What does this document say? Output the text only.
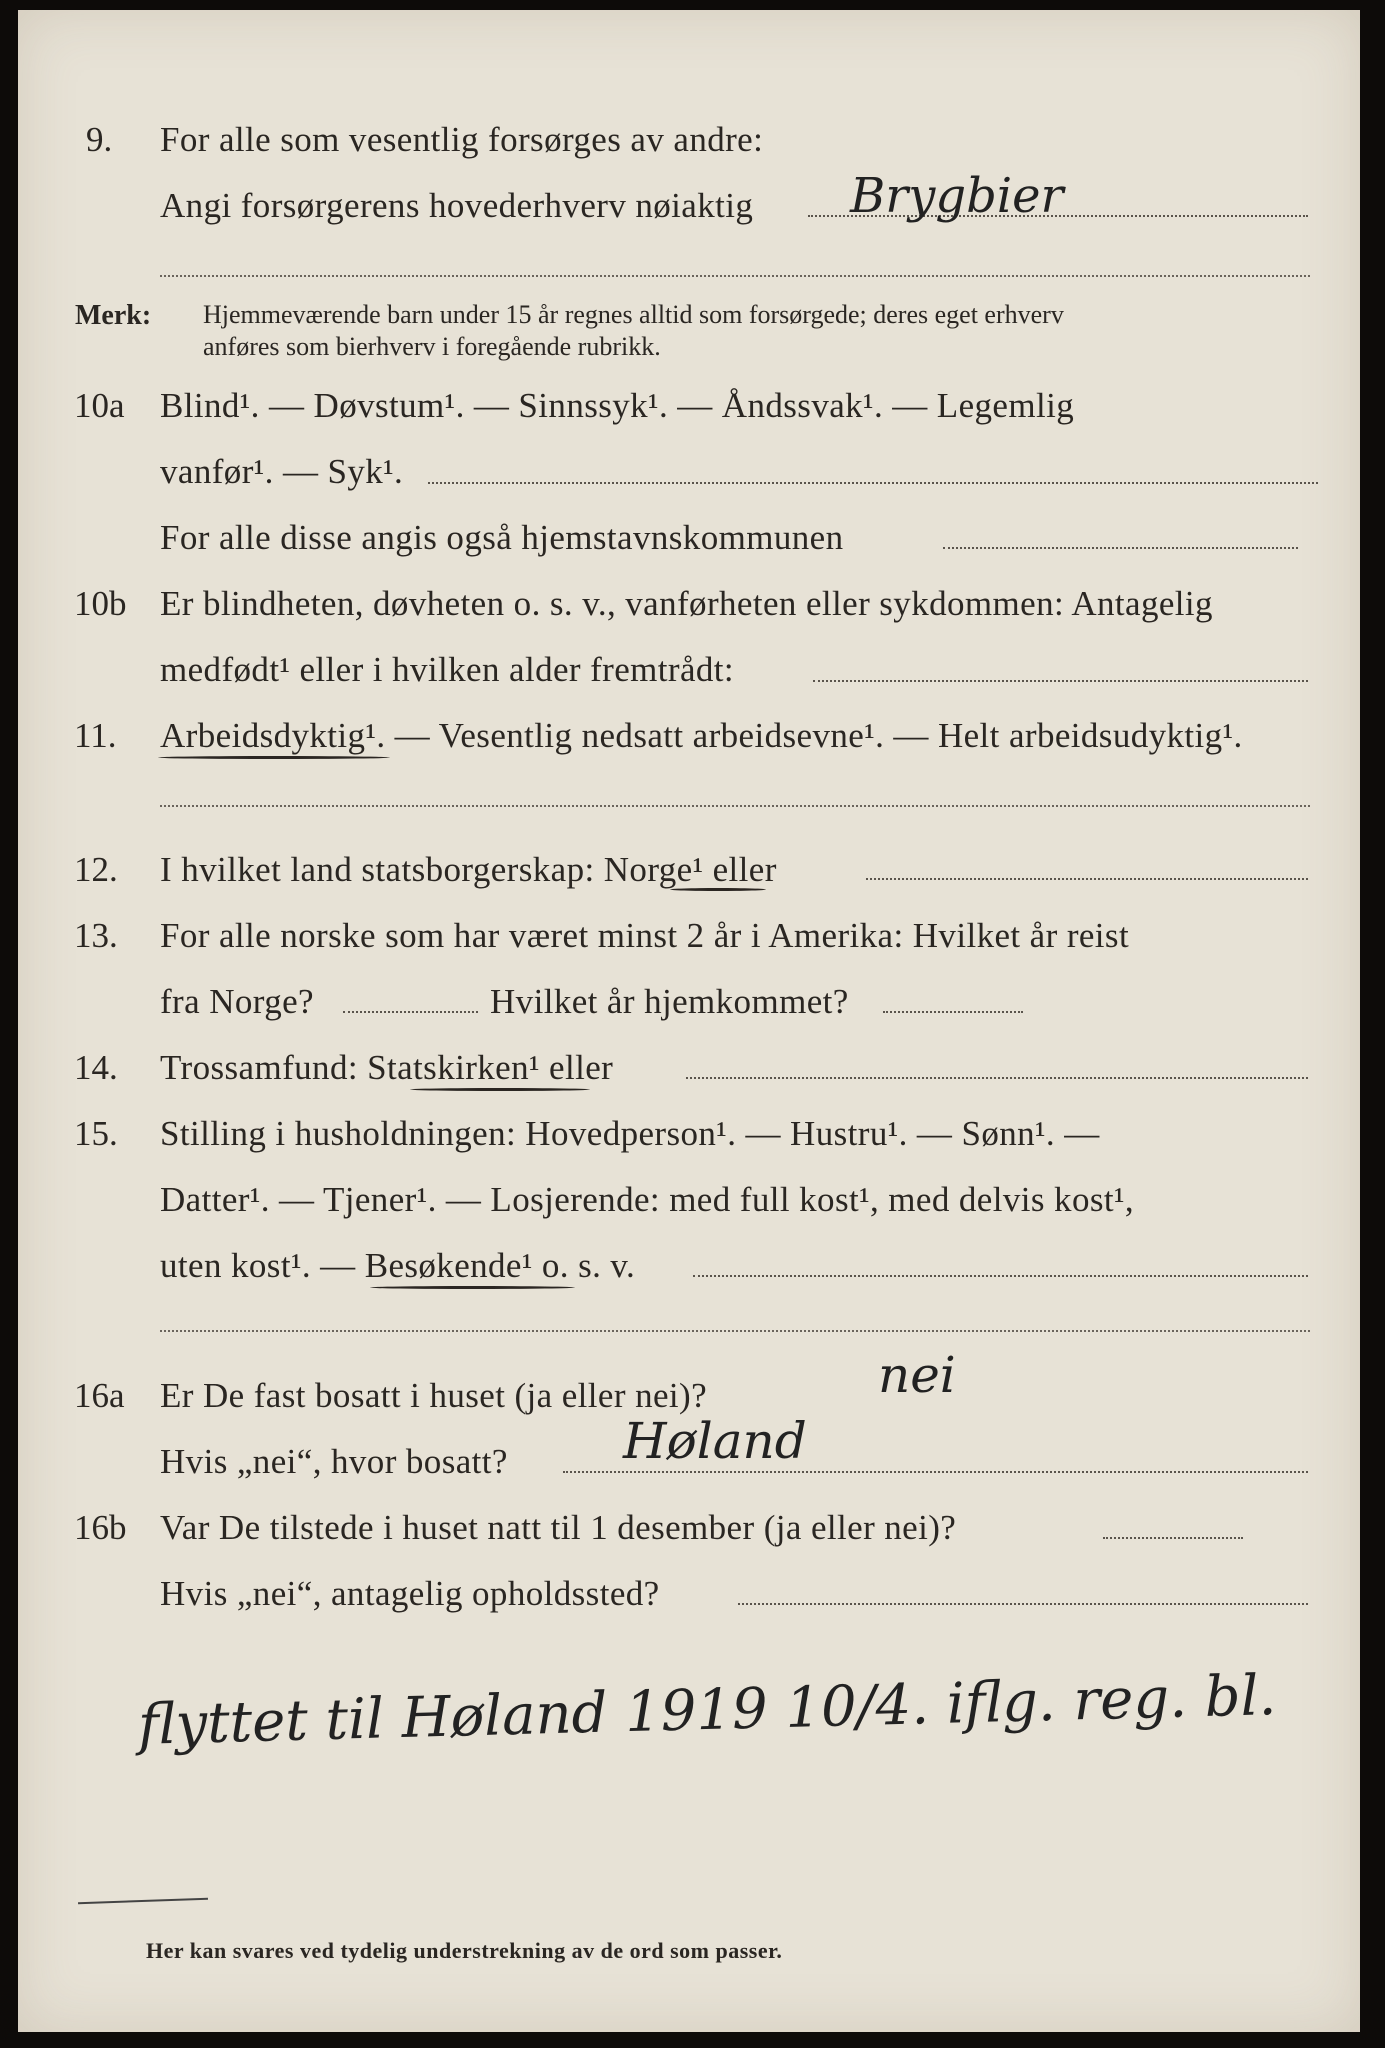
9. For alle som vesentlig forsørges av andre:
Angi forsørgerens hovederhverv nøiaktig Brygbier
Merk: Hjemmeværende barn under 15 år regnes alltid som forsørgede; deres eget erhverv
anføres som bierhverv i foregående rubrikk.
10a Blind¹. — Døvstum¹. — Sinnssyk¹. — Åndssvak¹. — Legemlig
vanfør¹. — Syk¹.
For alle disse angis også hjemstavnskommunen
10b Er blindheten, døvheten o. s. v., vanførheten eller sykdommen: Antagelig
medfødt¹ eller i hvilken alder fremtrådt:
11. Arbeidsdyktig¹. — Vesentlig nedsatt arbeidsevne¹. — Helt arbeidsudyktig¹.
12. I hvilket land statsborgerskap: Norge¹ eller
13. For alle norske som har været minst 2 år i Amerika: Hvilket år reist
fra Norge?	Hvilket år hjemkommet?
14. Trossamfund: Statskirken¹ eller
15. Stilling i husholdningen: Hovedperson¹. — Hustru¹. — Sønn¹. —
Datter¹. — Tjener¹. — Losjerende: med full kost¹, med delvis kost¹,
uten kost¹. — Besøkende¹ o. s. v.
16a Er De fast bosatt i huset (ja eller nei)?	nei
Hvis „nei“, hvor bosatt? Høland
16b Var De tilstede i huset natt til 1 desember (ja eller nei)?
Hvis „nei“, antagelig opholdssted?
flyttet til Høland 1919 10/4. iflg. reg. bl.
Her kan svares ved tydelig understrekning av de ord som passer.
